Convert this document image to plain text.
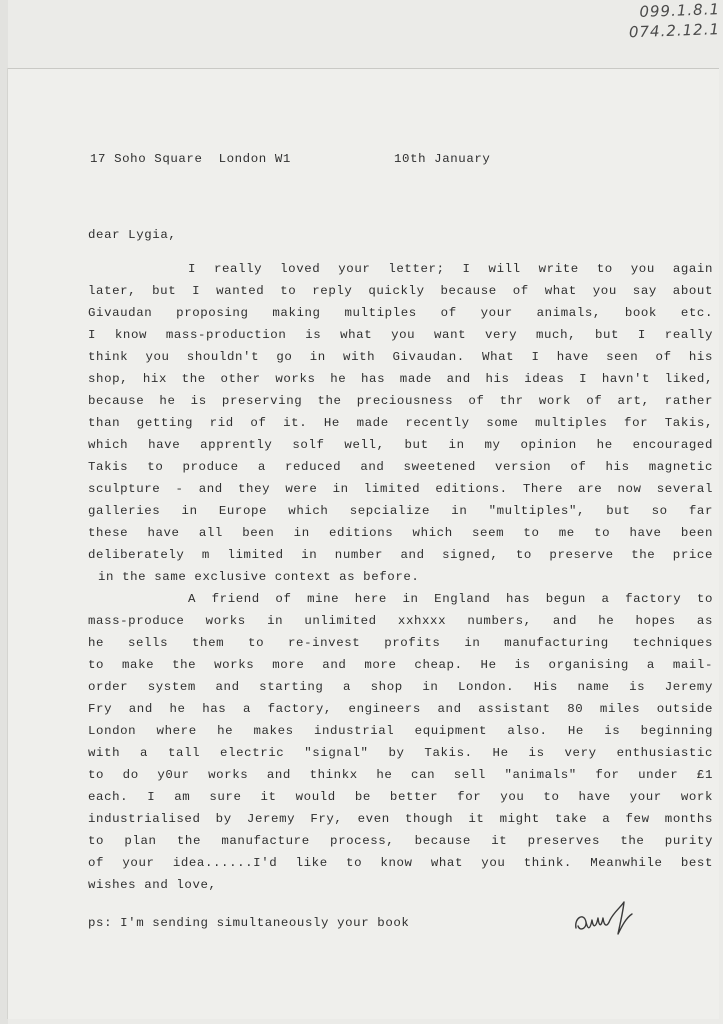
099.1.8.1
074.2.12.1
17 Soho Square  London W1	10th January
dear Lygia,
I really loved your letter; I will write to you again
later, but I wanted to reply quickly because of what you say about
Givaudan proposing making multiples of your animals, book etc.
I know mass-production is what you want very much, but I really
think you shouldn't go in with Givaudan. What I have seen of his
shop, hix the other works he has made and his ideas I havn't liked,
because he is preserving the preciousness of thr work of art, rather
than getting rid of it. He made recently some multiples for Takis,
which have apprently solf well, but in my opinion he encouraged
Takis to produce a reduced and sweetened version of his magnetic
sculpture - and they were in limited editions. There are now several
galleries in Europe which sepcialize in "multiples", but so far
these have all been in editions which seem to me to have been
deliberately m limited in number and signed, to preserve the price
in the same exclusive context as before.
A friend of mine here in England has begun a factory to
mass-produce works in unlimited xxhxxx numbers, and he hopes as
he sells them to re-invest profits in manufacturing techniques
to make the works more and more cheap. He is organising a mail-
order system and starting a shop in London. His name is Jeremy
Fry and he has a factory, engineers and assistant 80 miles outside
London where he makes industrial equipment also. He is beginning
with a tall electric "signal" by Takis. He is very enthusiastic
to do y0ur works and thinkx he can sell "animals" for under £1
each. I am sure it would be better for you to have your work
industrialised by Jeremy Fry, even though it might take a few months
to plan the manufacture process, because it preserves the purity
of your idea......I'd like to know what you think. Meanwhile best
wishes and love,
ps: I'm sending simultaneously your book
